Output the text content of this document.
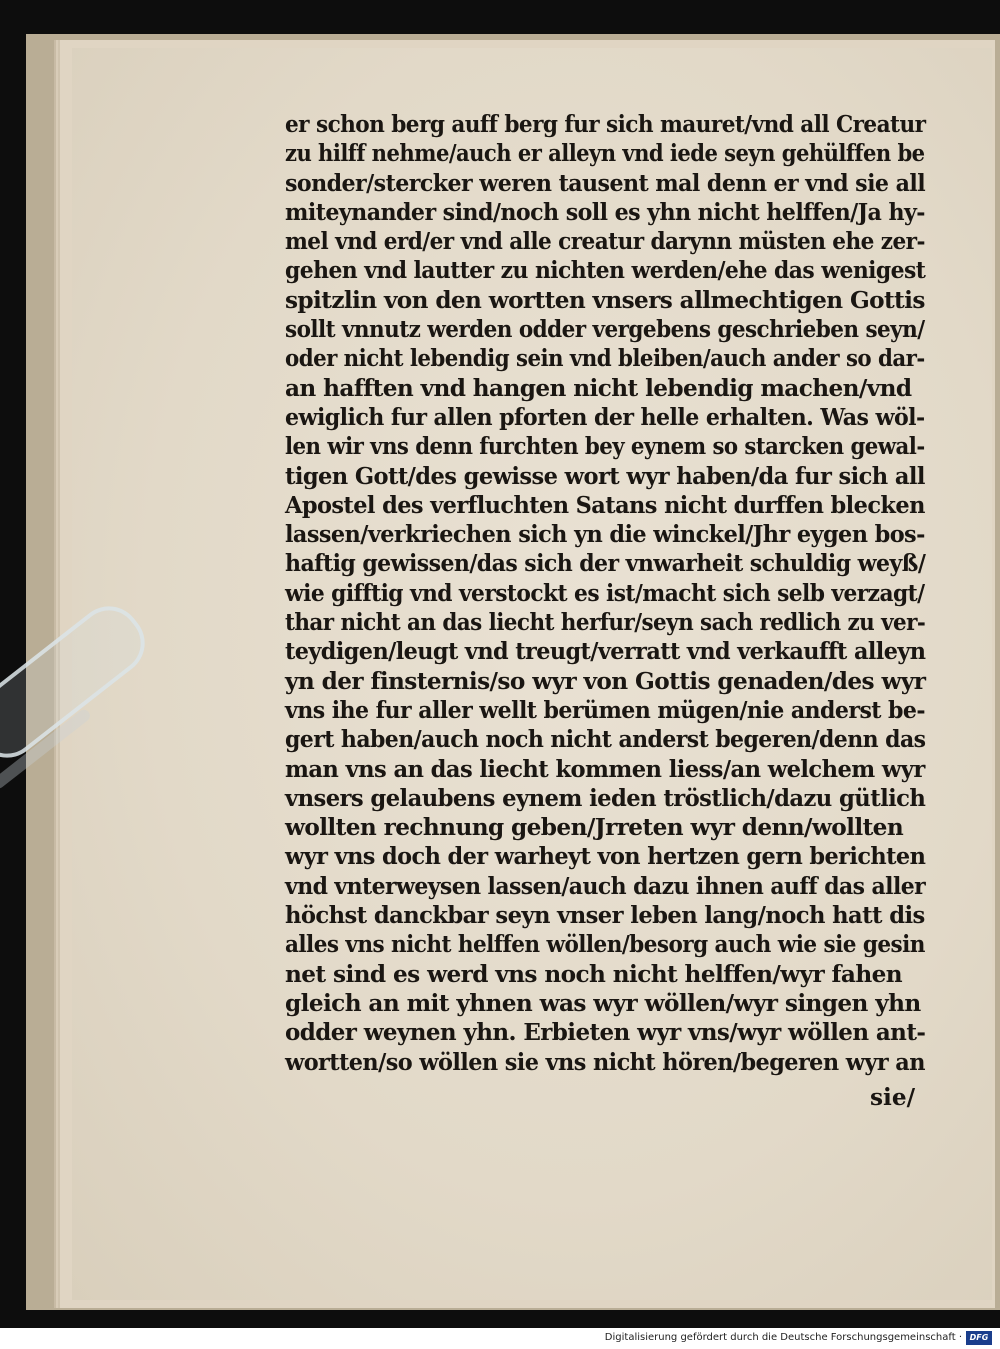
er schon berg auff berg fur sich mauret/vnd all Creatur
zu hilff nehme/auch er alleyn vnd iede seyn gehülffen be
sonder/stercker weren tausent mal denn er vnd sie all
miteynander sind/noch soll es yhn nicht helffen/Ja hy-
mel vnd erd/er vnd alle creatur darynn müsten ehe zer-
gehen vnd lautter zu nichten werden/ehe das wenigest
spitzlin von den wortten vnsers allmechtigen Gottis
sollt vnnutz werden odder vergebens geschrieben seyn/
oder nicht lebendig sein vnd bleiben/auch ander so dar-
an hafften vnd hangen nicht lebendig machen/vnd
ewiglich fur allen pforten der helle erhalten. Was wöl-
len wir vns denn furchten bey eynem so starcken gewal-
tigen Gott/des gewisse wort wyr haben/da fur sich all
Apostel des verfluchten Satans nicht durffen blecken
lassen/verkriechen sich yn die winckel/Jhr eygen bos-
haftig gewissen/das sich der vnwarheit schuldig weyß/
wie gifftig vnd verstockt es ist/macht sich selb verzagt/
thar nicht an das liecht herfur/seyn sach redlich zu ver-
teydigen/leugt vnd treugt/verratt vnd verkaufft alleyn
yn der finsternis/so wyr von Gottis genaden/des wyr
vns ihe fur aller wellt berümen mügen/nie anderst be-
gert haben/auch noch nicht anderst begeren/denn das
man vns an das liecht kommen liess/an welchem wyr
vnsers gelaubens eynem ieden tröstlich/dazu gütlich
wollten rechnung geben/Jrreten wyr denn/wollten
wyr vns doch der warheyt von hertzen gern berichten
vnd vnterweysen lassen/auch dazu ihnen auff das aller
höchst danckbar seyn vnser leben lang/noch hatt dis
alles vns nicht helffen wöllen/besorg auch wie sie gesin
net sind es werd vns noch nicht helffen/wyr fahen
gleich an mit yhnen was wyr wöllen/wyr singen yhn
odder weynen yhn. Erbieten wyr vns/wyr wöllen ant-
wortten/so wöllen sie vns nicht hören/begeren wyr an
sie/
Digitalisierung gefördert durch die Deutsche Forschungsgemeinschaft · DFG
